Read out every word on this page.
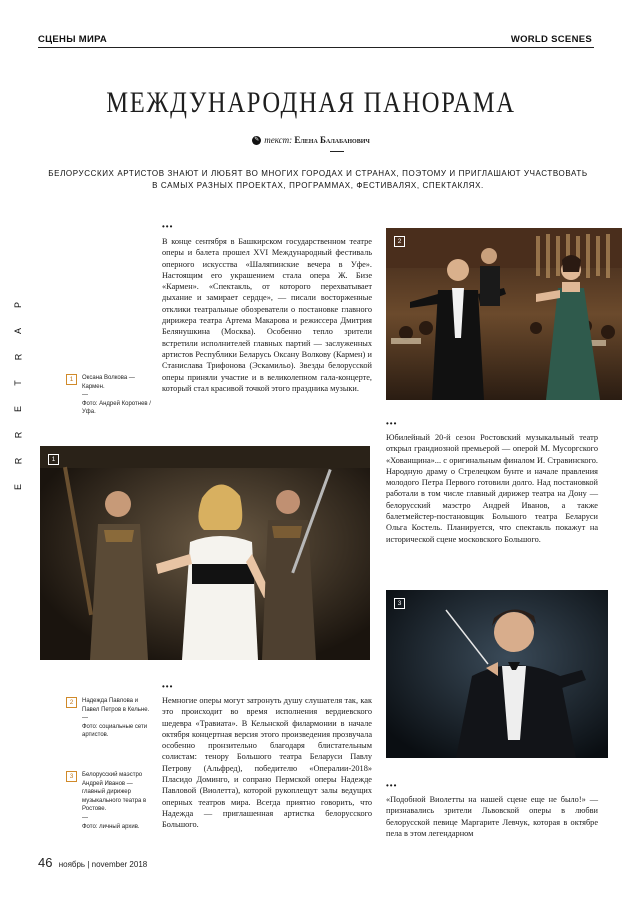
СЦЕНЫ МИРА	WORLD SCENES
P
A
R
T
E
R
R
E
МЕЖДУНАРОДНАЯ ПАНОРАМА
✎ текст: Елена Балабанович
БЕЛОРУССКИХ АРТИСТОВ ЗНАЮТ И ЛЮБЯТ ВО МНОГИХ ГОРОДАХ И СТРАНАХ, ПОЭТОМУ И ПРИГЛАШАЮТ УЧАСТВОВАТЬ В САМЫХ РАЗНЫХ ПРОЕКТАХ, ПРОГРАММАХ, ФЕСТИВАЛЯХ, СПЕКТАКЛЯХ.
1 Оксана Волкова — Кармен.
—
Фото: Андрей Коротнев / Уфа.
•••
В конце сентября в Башкирском государственном театре оперы и балета прошел XVI Международный фестиваль оперного искусства «Шаляпинские вечера в Уфе». Настоящим его украшением стала опера Ж. Бизе «Кармен». «Спектакль, от которого перехватывает дыхание и замирает сердце», — писали восторженные отклики театральные обозреватели о постановке главного дирижера театра Артема Макарова и режиссера Дмитрия Белянушкина (Москва). Особенно тепло зрители встретили исполнителей главных партий — заслуженных артистов Республики Беларусь Оксану Волкову (Кармен) и Станислава Трифонова (Эскамильо). Звезды белорусской оперы приняли участие и в великолепном гала-концерте, который стал красивой точкой этого праздника музыки.
2
•••
Юбилейный 20-й сезон Ростовский музыкальный театр открыл грандиозной премьерой — оперой М. Мусоргского «Хованщина»... с оригинальным финалом И. Стравинского. Народную драму о Стрелецком бунте и начале правления молодого Петра Первого готовили долго. Над постановкой работали в том числе главный дирижер театра на Дону — белорусский маэстро Андрей Иванов, а также балетмейстер-постановщик Большого театра Беларуси Ольга Костель. Планируется, что спектакль покажут на исторической сцене московского Большого.
1
2 Надежда Павлова и Павел Петров в Кельне.
—
Фото: социальные сети артистов.
3 Белорусский маэстро Андрей Иванов — главный дирижер музыкального театра в Ростове.
—
Фото: личный архив.
•••
Немногие оперы могут затронуть душу слушателя так, как это происходит во время исполнения вердиевского шедевра «Травиата». В Кельнской филармонии в начале октября концертная версия этого произведения прозвучала особенно пронзительно благодаря блистательным солистам: тенору Большого театра Беларуси Павлу Петрову (Альфред), победителю «Опералии-2018» Пласидо Доминго, и сопрано Пермской оперы Надежде Павловой (Виолетта), которой рукоплещут залы ведущих оперных театров мира. Всегда приятно говорить, что Надежда — приглашенная артистка белорусского Большого.
3
•••
«Подобной Виолетты на нашей сцене еще не было!» — признавались зрители Львовской оперы в любви белорусской певице Маргарите Левчук, которая в октябре пела в этом легендарном
46 ноябрь | november 2018
